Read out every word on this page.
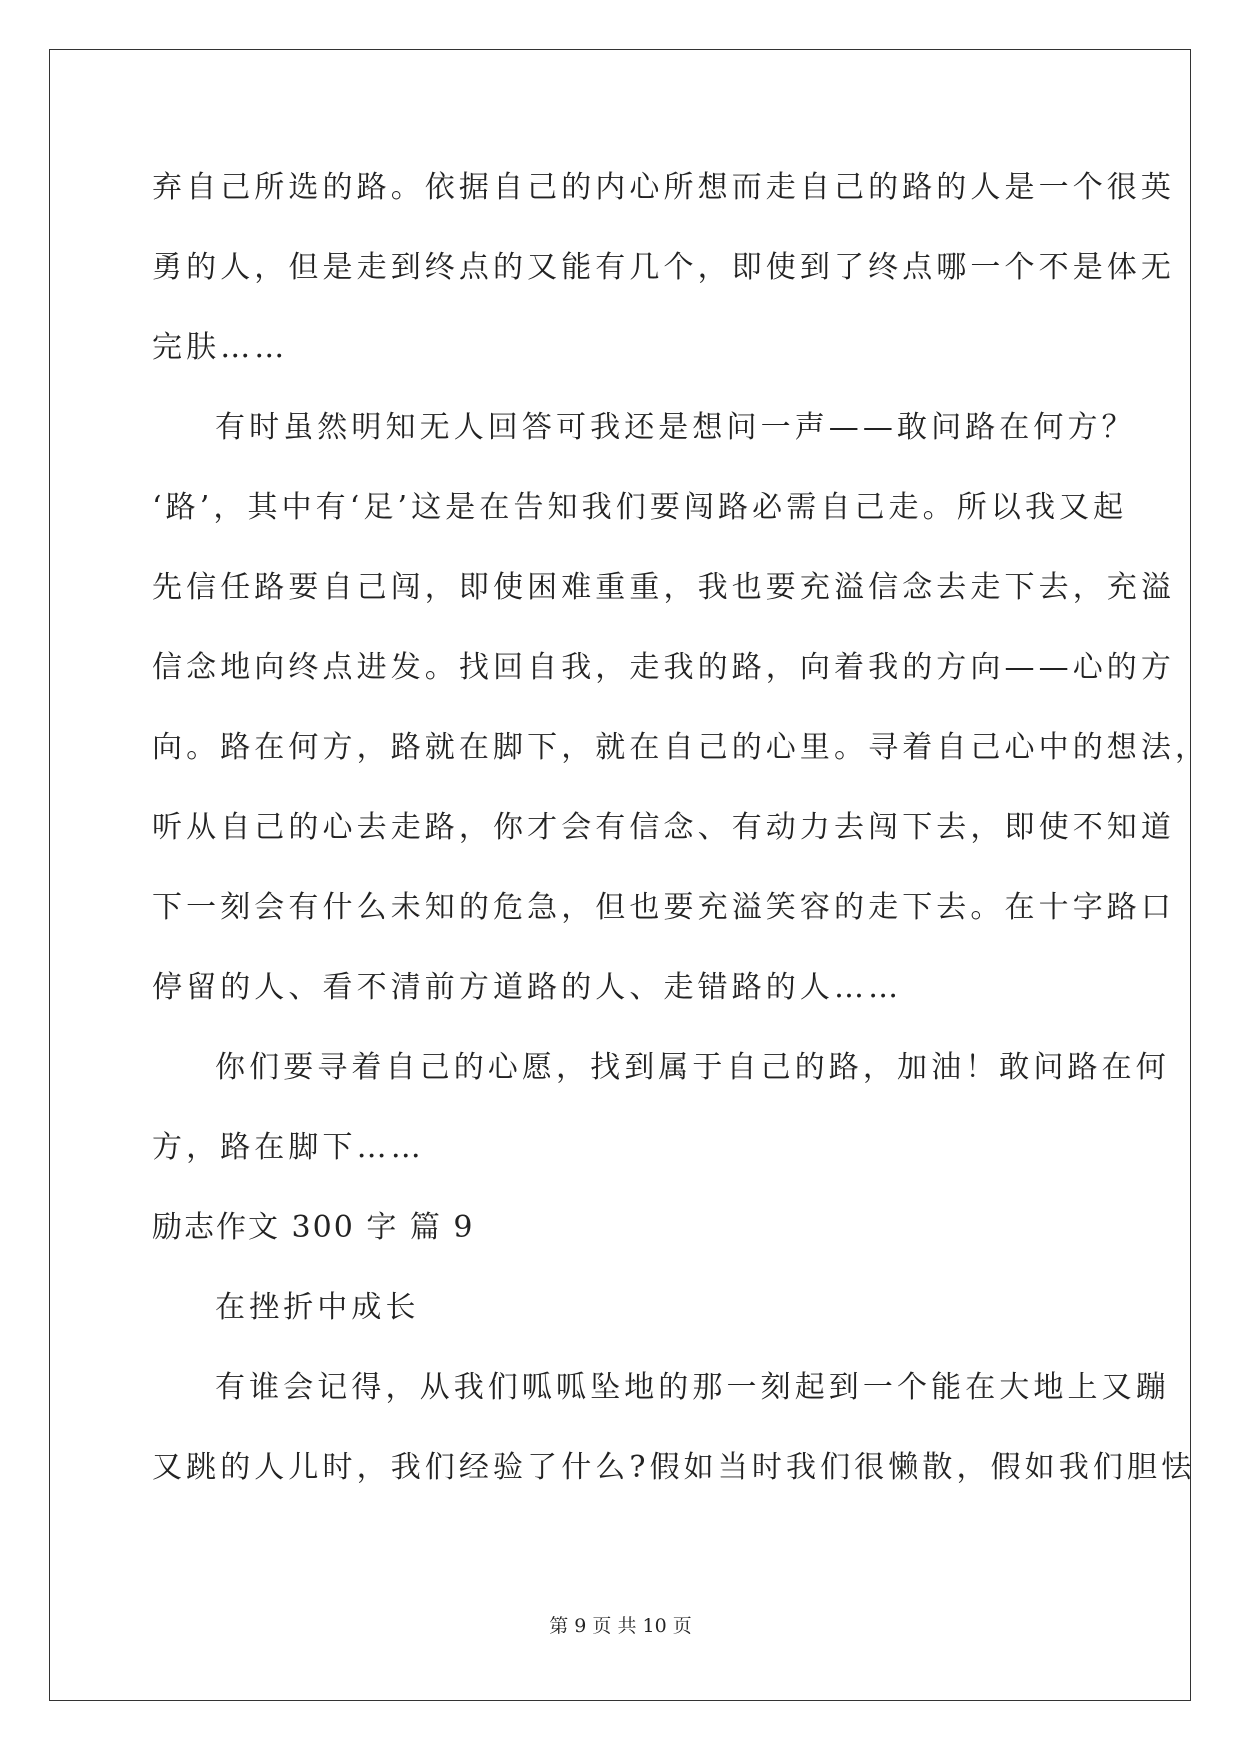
弃自己所选的路。依据自己的内心所想而走自己的路的人是一个很英
勇的人，但是走到终点的又能有几个，即使到了终点哪一个不是体无
完肤……
有时虽然明知无人回答可我还是想问一声——敢问路在何方？
‘路’，其中有‘足’这是在告知我们要闯路必需自己走。所以我又起
先信任路要自己闯，即使困难重重，我也要充溢信念去走下去，充溢
信念地向终点进发。找回自我，走我的路，向着我的方向——心的方
向。路在何方，路就在脚下，就在自己的心里。寻着自己心中的想法，
听从自己的心去走路，你才会有信念、有动力去闯下去，即使不知道
下一刻会有什么未知的危急，但也要充溢笑容的走下去。在十字路口
停留的人、看不清前方道路的人、走错路的人……
你们要寻着自己的心愿，找到属于自己的路，加油！敢问路在何
方，路在脚下……
励志作文 300 字 篇 9
在挫折中成长
有谁会记得，从我们呱呱坠地的那一刻起到一个能在大地上又蹦
又跳的人儿时，我们经验了什么?假如当时我们很懒散，假如我们胆怯
第 9 页 共 10 页
